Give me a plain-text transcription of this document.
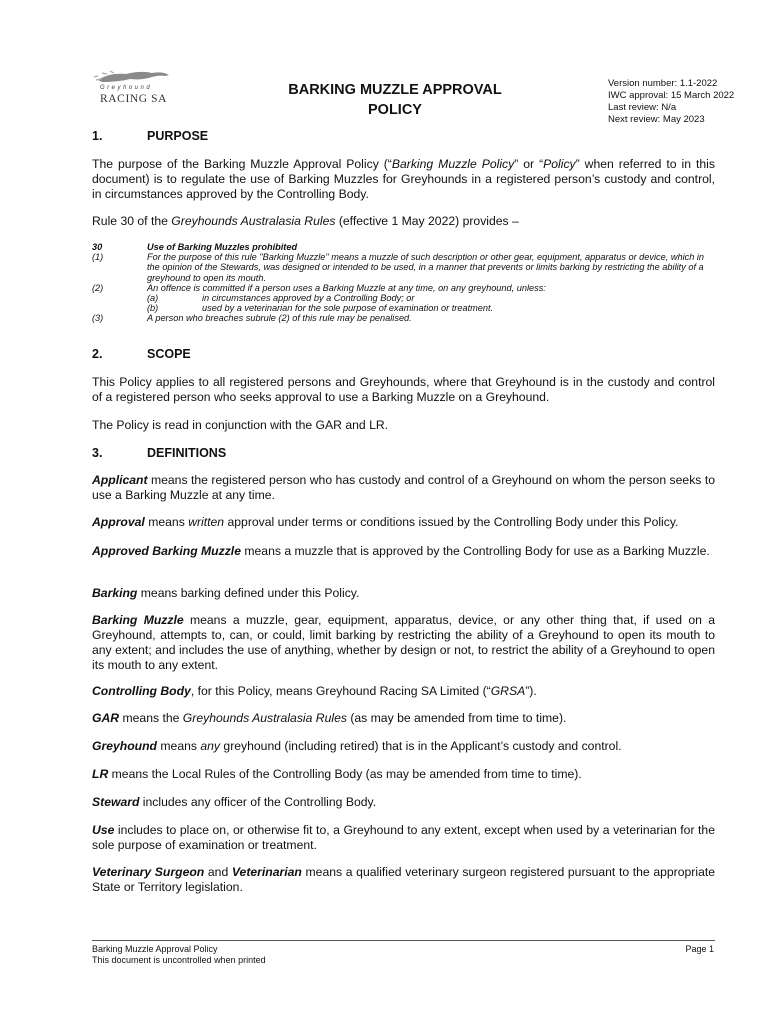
Greyhound
RACING SA
BARKING MUZZLE APPROVAL
POLICY
Version number: 1.1-2022
IWC approval: 15 March 2022
Last review: N/a
Next review: May 2023
1.	PURPOSE
The purpose of the Barking Muzzle Approval Policy (“Barking Muzzle Policy” or “Policy” when referred to in this document) is to regulate the use of Barking Muzzles for Greyhounds in a registered person’s custody and control, in circumstances approved by the Controlling Body.
Rule 30 of the Greyhounds Australasia Rules (effective 1 May 2022) provides –
30	Use of Barking Muzzles prohibited
(1)	For the purpose of this rule "Barking Muzzle" means a muzzle of such description or other gear, equipment, apparatus or device, which in the opinion of the Stewards, was designed or intended to be used, in a manner that prevents or limits barking by restricting the ability of a greyhound to open its mouth.
(2)	An offence is committed if a person uses a Barking Muzzle at any time, on any greyhound, unless:
(a)	in circumstances approved by a Controlling Body; or
(b)	used by a veterinarian for the sole purpose of examination or treatment.
(3)	A person who breaches subrule (2) of this rule may be penalised.
2.	SCOPE
This Policy applies to all registered persons and Greyhounds, where that Greyhound is in the custody and control of a registered person who seeks approval to use a Barking Muzzle on a Greyhound.
The Policy is read in conjunction with the GAR and LR.
3.	DEFINITIONS
Applicant means the registered person who has custody and control of a Greyhound on whom the person seeks to use a Barking Muzzle at any time.
Approval means written approval under terms or conditions issued by the Controlling Body under this Policy.
Approved Barking Muzzle means a muzzle that is approved by the Controlling Body for use as a Barking Muzzle.
Barking means barking defined under this Policy.
Barking Muzzle means a muzzle, gear, equipment, apparatus, device, or any other thing that, if used on a Greyhound, attempts to, can, or could, limit barking by restricting the ability of a Greyhound to open its mouth to any extent; and includes the use of anything, whether by design or not, to restrict the ability of a Greyhound to open its mouth to any extent.
Controlling Body, for this Policy, means Greyhound Racing SA Limited (“GRSA”).
GAR means the Greyhounds Australasia Rules (as may be amended from time to time).
Greyhound means any greyhound (including retired) that is in the Applicant’s custody and control.
LR means the Local Rules of the Controlling Body (as may be amended from time to time).
Steward includes any officer of the Controlling Body.
Use includes to place on, or otherwise fit to, a Greyhound to any extent, except when used by a veterinarian for the sole purpose of examination or treatment.
Veterinary Surgeon and Veterinarian means a qualified veterinary surgeon registered pursuant to the appropriate State or Territory legislation.
Barking Muzzle Approval Policy
This document is uncontrolled when printed
Page 1
